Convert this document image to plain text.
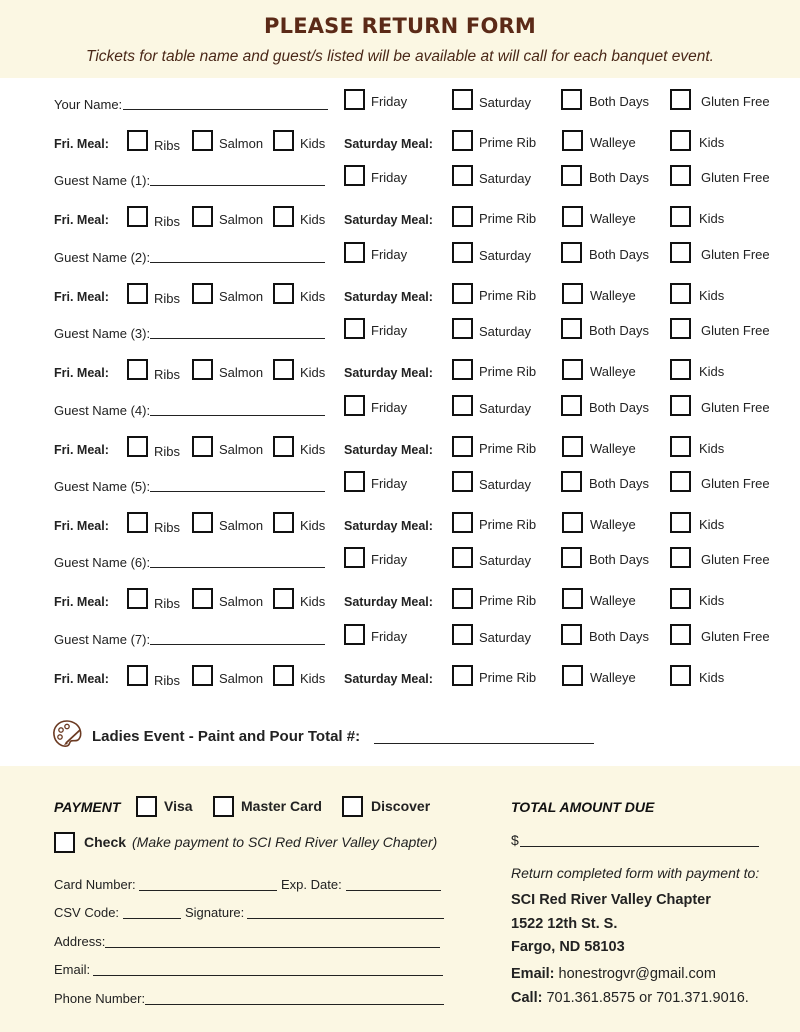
PLEASE RETURN FORM
Tickets for table name and guest/s listed will be available at will call for each banquet event.
Your Name:	Friday	Saturday	Both Days	Gluten Free
Fri. Meal:	Ribs	Salmon	Kids Saturday Meal:	Prime Rib	Walleye	Kids
Guest Name (1):	Friday	Saturday	Both Days	Gluten Free
Fri. Meal:	Ribs	Salmon	Kids Saturday Meal:	Prime Rib	Walleye	Kids
Guest Name (2):	Friday	Saturday	Both Days	Gluten Free
Fri. Meal:	Ribs	Salmon	Kids Saturday Meal:	Prime Rib	Walleye	Kids
Guest Name (3):	Friday	Saturday	Both Days	Gluten Free
Fri. Meal:	Ribs	Salmon	Kids Saturday Meal:	Prime Rib	Walleye	Kids
Guest Name (4):	Friday	Saturday	Both Days	Gluten Free
Fri. Meal:	Ribs	Salmon	Kids Saturday Meal:	Prime Rib	Walleye	Kids
Guest Name (5):	Friday	Saturday	Both Days	Gluten Free
Fri. Meal:	Ribs	Salmon	Kids Saturday Meal:	Prime Rib	Walleye	Kids
Guest Name (6):	Friday	Saturday	Both Days	Gluten Free
Fri. Meal:	Ribs	Salmon	Kids Saturday Meal:	Prime Rib	Walleye	Kids
Guest Name (7):	Friday	Saturday	Both Days	Gluten Free
Fri. Meal:	Ribs	Salmon	Kids Saturday Meal:	Prime Rib	Walleye	Kids
Ladies Event - Paint and Pour Total #:
PAYMENT	Visa	Master Card	Discover
Check (Make payment to SCI Red River Valley Chapter)
Card Number:	Exp. Date:
CSV Code:	Signature:
Address:
Email:
Phone Number:
TOTAL AMOUNT DUE
$
Return completed form with payment to:
SCI Red River Valley Chapter
1522 12th St. S.
Fargo, ND 58103
Email: honestrogvr@gmail.com
Call: 701.361.8575 or 701.371.9016.
